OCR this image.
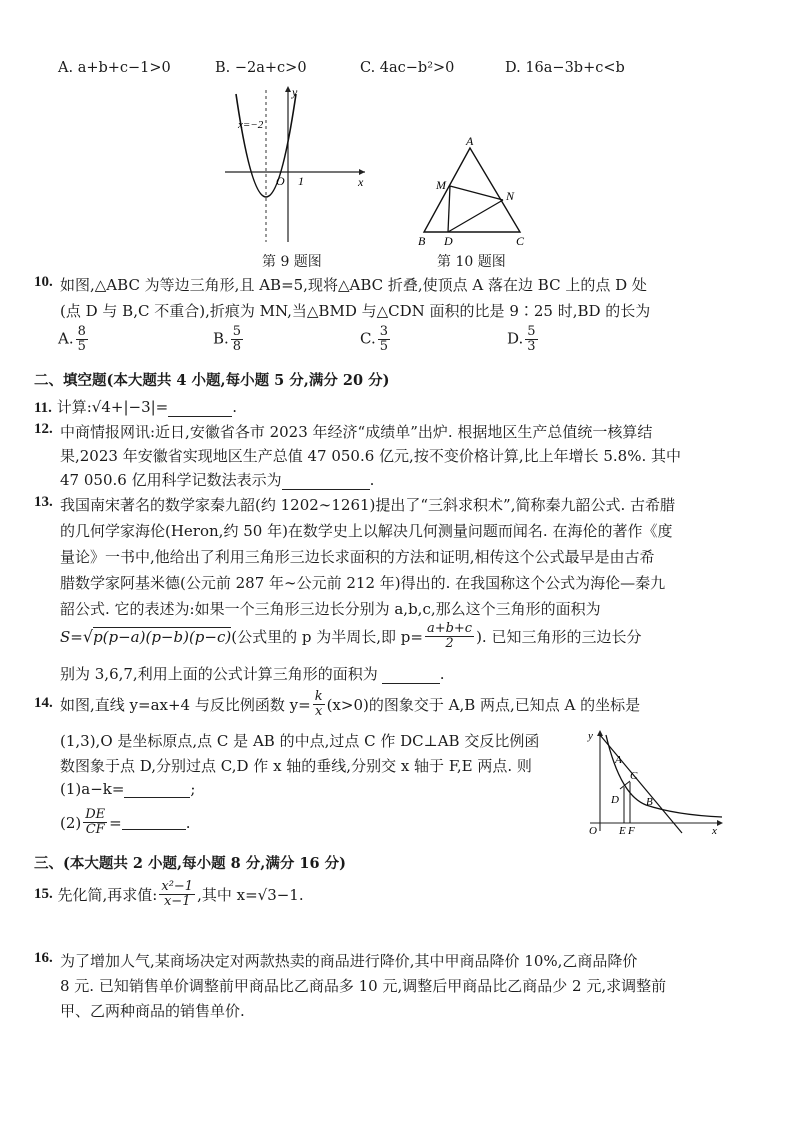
A. a+b+c−1>0	B. −2a+c>0	C. 4ac−b²>0	D. 16a−3b+c<b
x
y
O 1
x=−2
第 9 题图
A
B	C
D
M
N
第 10 题图
10. 如图,△ABC 为等边三角形,且 AB=5,现将△ABC 折叠,使顶点 A 落在边 BC 上的点 D 处
(点 D 与 B,C 不重合),折痕为 MN,当△BMD 与△CDN 面积的比是 9∶25 时,BD 的长为
A. $\frac{8}{5}$	B. $\frac{5}{8}$	C. $\frac{3}{5}$	D. $\frac{5}{3}$
二、填空题(本大题共 4 小题,每小题 5 分,满分 20 分)
11. 计算:√4+|−3|=	.
12. 中商情报网讯:近日,安徽省各市 2023 年经济“成绩单”出炉. 根据地区生产总值统一核算结
果,2023 年安徽省实现地区生产总值 47 050.6 亿元,按不变价格计算,比上年增长 5.8%. 其中
47 050.6 亿用科学记数法表示为	.
13. 我国南宋著名的数学家秦九韶(约 1202∼1261)提出了“三斜求积术”,简称秦九韶公式. 古希腊
的几何学家海伦(Heron,约 50 年)在数学史上以解决几何测量问题而闻名. 在海伦的著作《度
量论》一书中,他给出了利用三角形三边长求面积的方法和证明,相传这个公式最早是由古希
腊数学家阿基米德(公元前 287 年∼公元前 212 年)得出的. 在我国称这个公式为海伦—秦九
韶公式. 它的表述为:如果一个三角形三边长分别为 a,b,c,那么这个三角形的面积为
S= √ p(p−a)(p−b)(p−c) (公式里的 p 为半周长,即 $p= \frac{a+b+c}{2}$ ). 已知三角形的三边长分
别为 3,6,7,利用上面的公式计算三角形的面积为	.
14. 如图,直线 y=ax+4 与反比例函数 $y= \frac{k}{x} (x>0)$的图象交于 A,B 两点,已知点 A 的坐标是
(1,3),O 是坐标原点,点 C 是 AB 的中点,过点 C 作 DC⊥AB 交反比例函
数图象于点 D,分别过点 C,D 作 x 轴的垂线,分别交 x 轴于 F,E 两点. 则
(1)a−k=	;
$(2) \frac{DE}{CF}$ =	.
y
x
O
A
C
D B
E F
三、(本大题共 2 小题,每小题 8 分,满分 16 分)
15.
先化简,再求值: $\frac{\text{x²−1}}{x-1}$ ,其中 x=√3−1.
16. 为了增加人气,某商场决定对两款热卖的商品进行降价,其中甲商品降价 10%,乙商品降价
8 元. 已知销售单价调整前甲商品比乙商品多 10 元,调整后甲商品比乙商品少 2 元,求调整前
甲、乙两种商品的销售单价.
